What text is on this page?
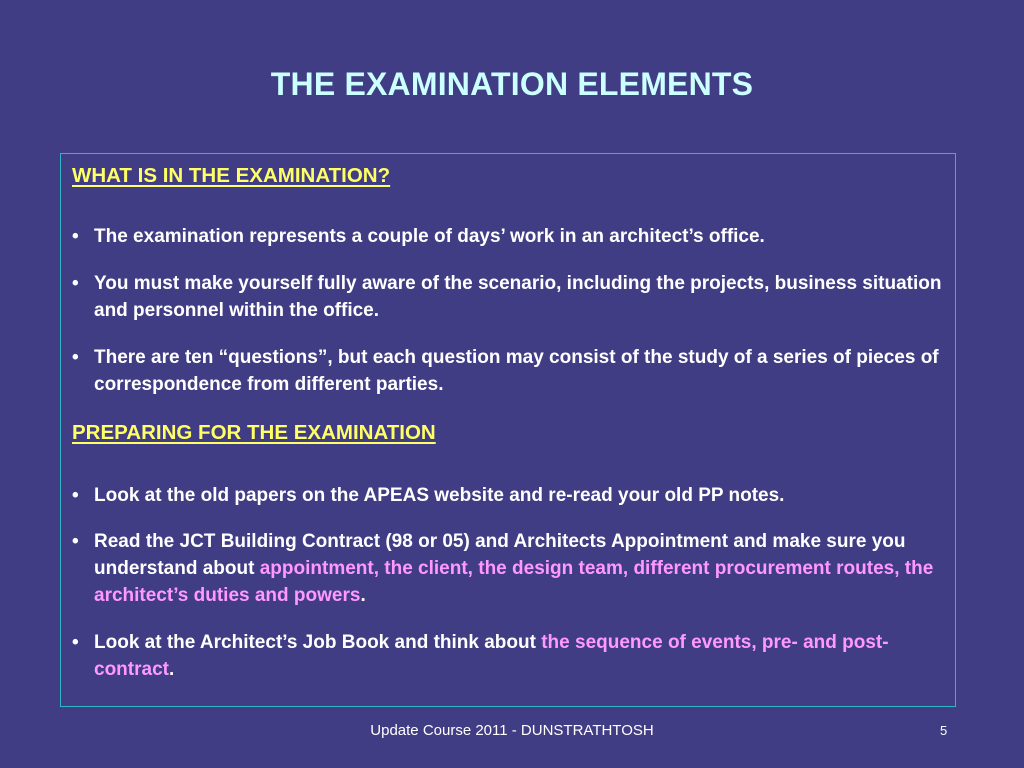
THE EXAMINATION ELEMENTS
WHAT IS IN THE EXAMINATION?
• The examination represents a couple of days’ work in an architect’s office.
• You must make yourself fully aware of the scenario, including the projects, business situation and personnel within the office.
• There are ten “questions”, but each question may consist of the study of a series of pieces of correspondence from different parties.
PREPARING FOR THE EXAMINATION
• Look at the old papers on the APEAS website and re-read your old PP notes.
• Read the JCT Building Contract (98 or 05) and Architects Appointment and make sure you understand about appointment, the client, the design team, different procurement routes, the architect’s duties and powers.
• Look at the Architect’s Job Book and think about the sequence of events, pre- and post- contract.
Update Course 2011 - DUNSTRATHTOSH	5
